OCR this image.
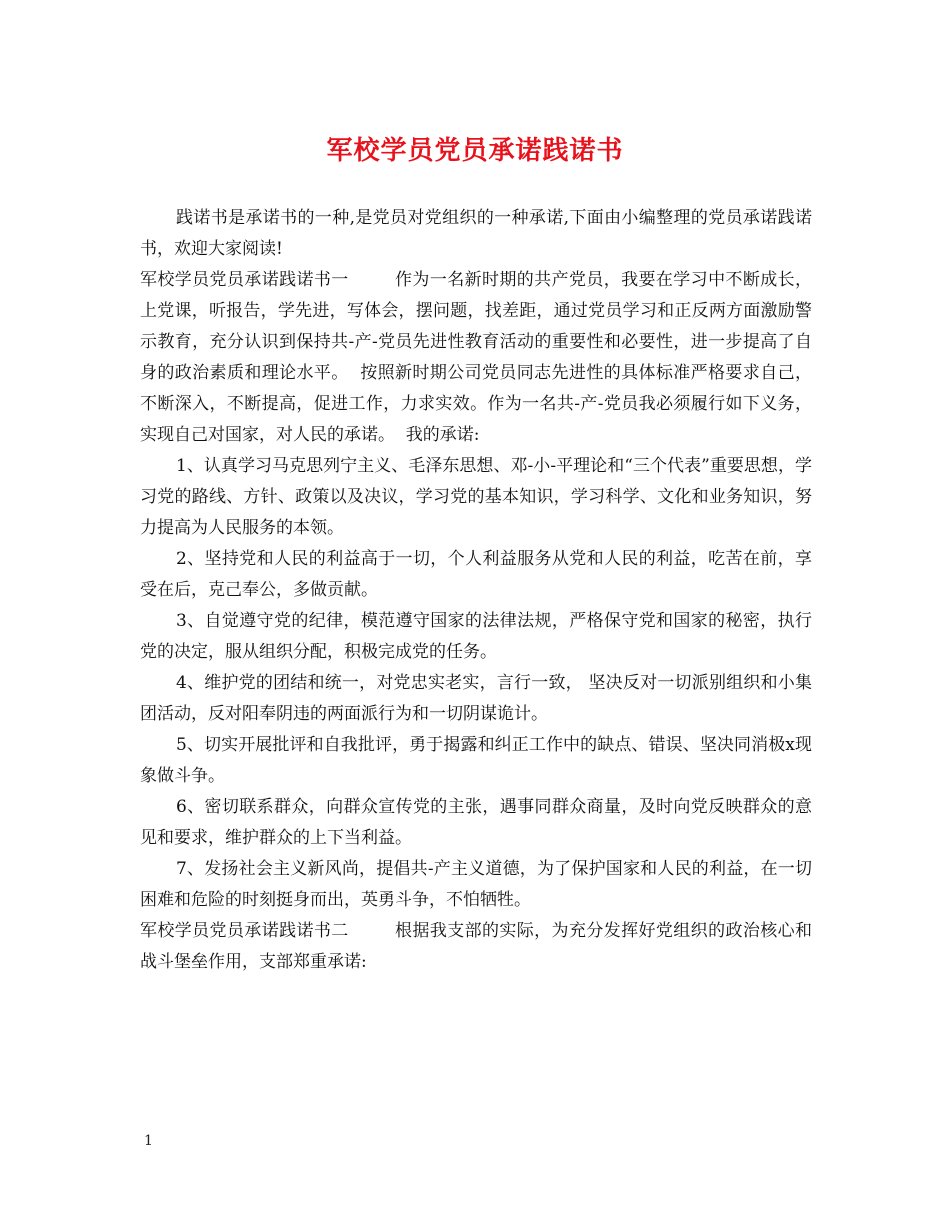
军校学员党员承诺践诺书

践诺书是承诺书的一种,是党员对党组织的一种承诺,下面由小编整理的党员承诺践诺书，欢迎大家阅读!

军校学员党员承诺践诺书一	作为一名新时期的共产党员，我要在学习中不断成长，上党课，听报告，学先进，写体会，摆问题，找差距，通过党员学习和正反两方面激励警示教育，充分认识到保持共-产-党员先进性教育活动的重要性和必要性，进一步提高了自身的政治素质和理论水平。  按照新时期公司党员同志先进性的具体标准严格要求自己，不断深入，不断提高，促进工作，力求实效。作为一名共-产-党员我必须履行如下义务，实现自己对国家，对人民的承诺。  我的承诺:

1、认真学习马克思列宁主义、毛泽东思想、邓-小-平理论和“三个代表”重要思想，学习党的路线、方针、政策以及决议，学习党的基本知识，学习科学、文化和业务知识，努力提高为人民服务的本领。

2、坚持党和人民的利益高于一切，个人利益服务从党和人民的利益，吃苦在前，享受在后，克己奉公，多做贡献。

3、自觉遵守党的纪律，模范遵守国家的法律法规，严格保守党和国家的秘密，执行党的决定，服从组织分配，积极完成党的任务。

4、维护党的团结和统一，对党忠实老实，言行一致， 坚决反对一切派别组织和小集团活动，反对阳奉阴违的两面派行为和一切阴谋诡计。

5、切实开展批评和自我批评，勇于揭露和纠正工作中的缺点、错误、坚决同消极x现象做斗争。

6、密切联系群众，向群众宣传党的主张，遇事同群众商量，及时向党反映群众的意见和要求，维护群众的上下当利益。

7、发扬社会主义新风尚，提倡共-产主义道德，为了保护国家和人民的利益，在一切困难和危险的时刻挺身而出，英勇斗争，不怕牺牲。

军校学员党员承诺践诺书二	根据我支部的实际，为充分发挥好党组织的政治核心和战斗堡垒作用，支部郑重承诺:

1
